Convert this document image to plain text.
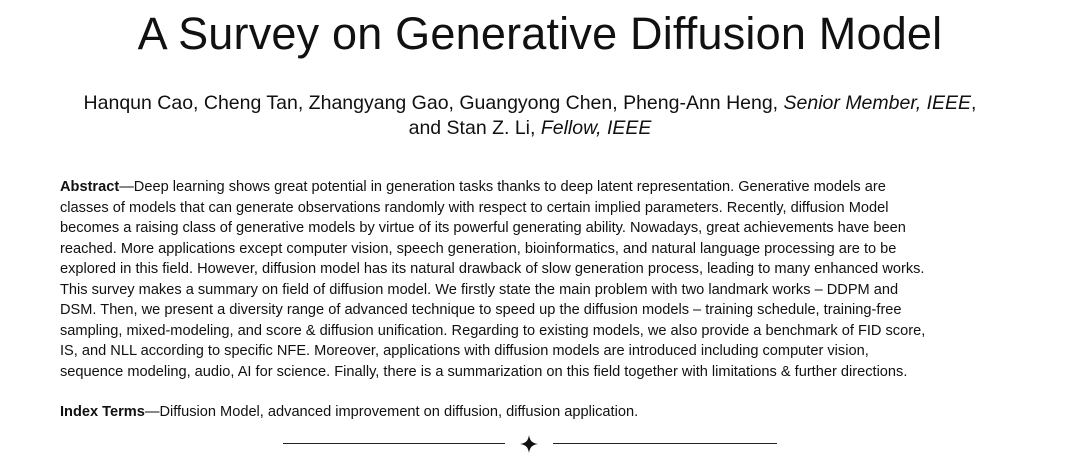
A Survey on Generative Diffusion Model
Hanqun Cao, Cheng Tan, Zhangyang Gao, Guangyong Chen, Pheng-Ann Heng, Senior Member, IEEE,
and Stan Z. Li, Fellow, IEEE
Abstract—Deep learning shows great potential in generation tasks thanks to deep latent representation. Generative models are
classes of models that can generate observations randomly with respect to certain implied parameters. Recently, diffusion Model
becomes a raising class of generative models by virtue of its powerful generating ability. Nowadays, great achievements have been
reached. More applications except computer vision, speech generation, bioinformatics, and natural language processing are to be
explored in this field. However, diffusion model has its natural drawback of slow generation process, leading to many enhanced works.
This survey makes a summary on field of diffusion model. We firstly state the main problem with two landmark works – DDPM and
DSM. Then, we present a diversity range of advanced technique to speed up the diffusion models – training schedule, training-free
sampling, mixed-modeling, and score & diffusion unification. Regarding to existing models, we also provide a benchmark of FID score,
IS, and NLL according to specific NFE. Moreover, applications with diffusion models are introduced including computer vision,
sequence modeling, audio, AI for science. Finally, there is a summarization on this field together with limitations & further directions.
Index Terms—Diffusion Model, advanced improvement on diffusion, diffusion application.
